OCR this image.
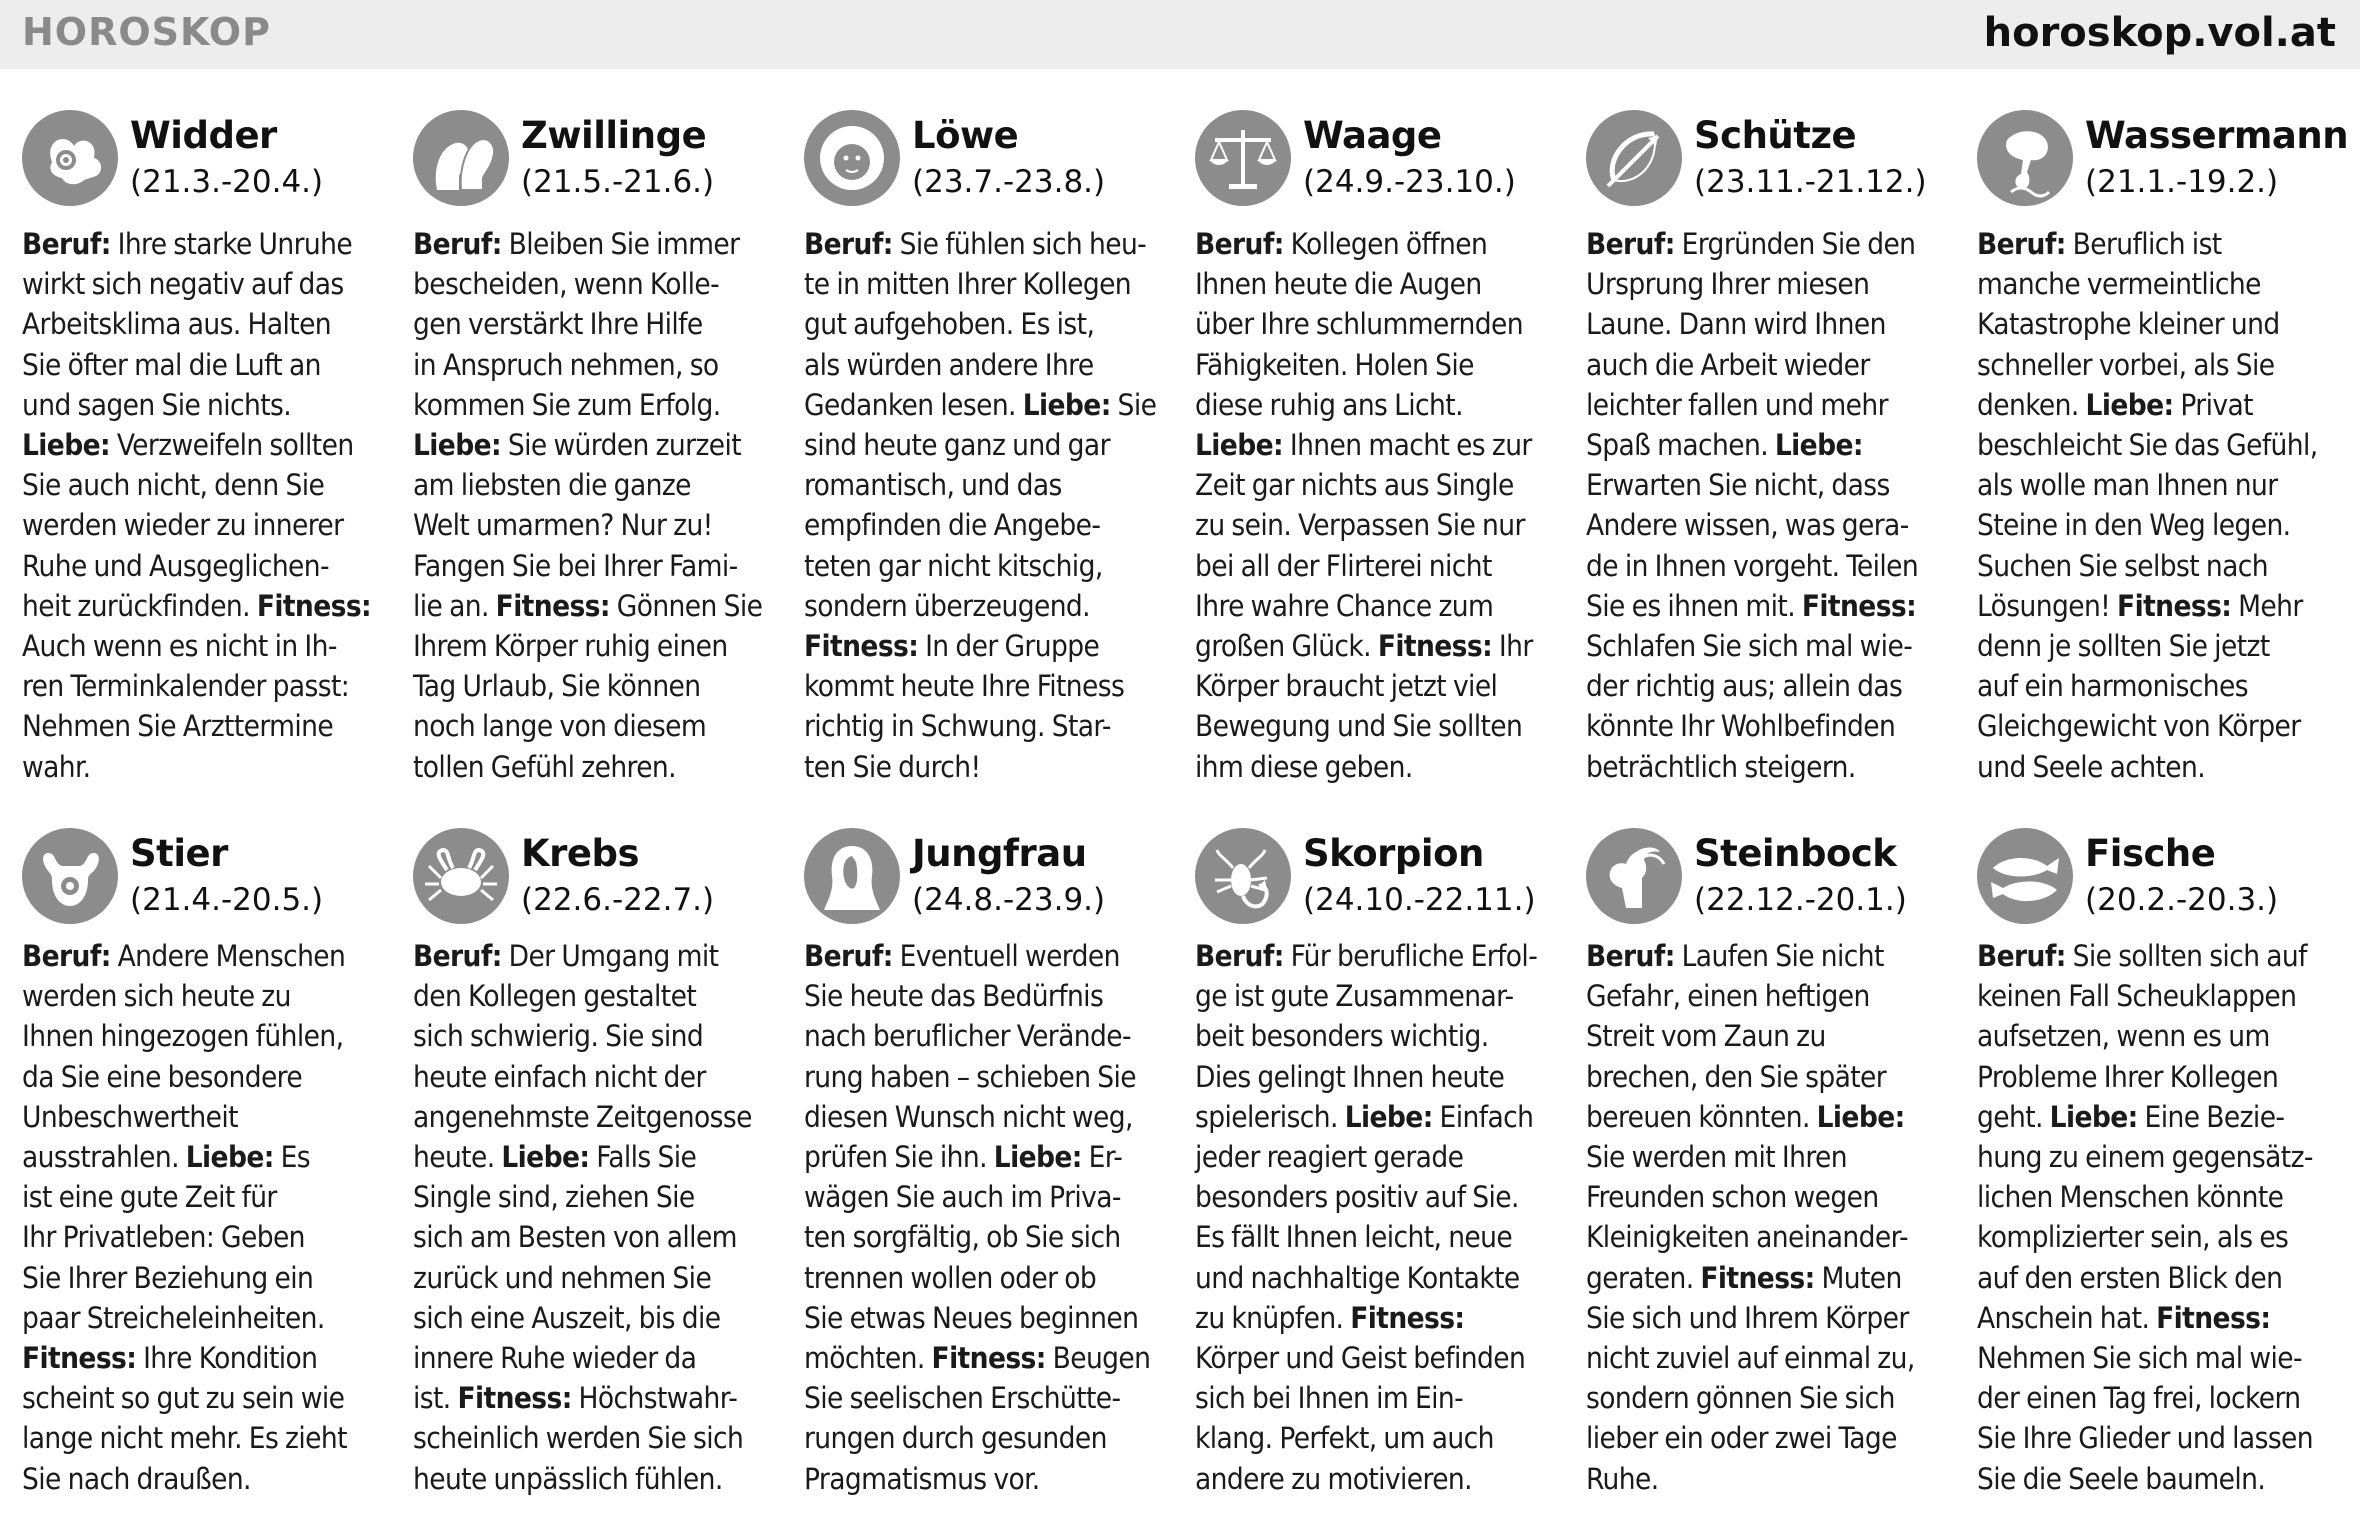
HOROSKOP	horoskop.vol.at
Widder
(21.3.-20.4.)
Beruf: Ihre starke Unruhe
wirkt sich negativ auf das
Arbeitsklima aus. Halten
Sie öfter mal die Luft an
und sagen Sie nichts.
Liebe: Verzweifeln sollten
Sie auch nicht, denn Sie
werden wieder zu innerer
Ruhe und Ausgeglichen-
heit zurückfinden. Fitness:
Auch wenn es nicht in Ih-
ren Terminkalender passt:
Nehmen Sie Arzttermine
wahr.
Zwillinge
(21.5.-21.6.)
Beruf: Bleiben Sie immer
bescheiden, wenn Kolle-
gen verstärkt Ihre Hilfe
in Anspruch nehmen, so
kommen Sie zum Erfolg.
Liebe: Sie würden zurzeit
am liebsten die ganze
Welt umarmen? Nur zu!
Fangen Sie bei Ihrer Fami-
lie an. Fitness: Gönnen Sie
Ihrem Körper ruhig einen
Tag Urlaub, Sie können
noch lange von diesem
tollen Gefühl zehren.
Löwe
(23.7.-23.8.)
Beruf: Sie fühlen sich heu-
te in mitten Ihrer Kollegen
gut aufgehoben. Es ist,
als würden andere Ihre
Gedanken lesen. Liebe: Sie
sind heute ganz und gar
romantisch, und das
empfinden die Angebe-
teten gar nicht kitschig,
sondern überzeugend.
Fitness: In der Gruppe
kommt heute Ihre Fitness
richtig in Schwung. Star-
ten Sie durch!
Waage
(24.9.-23.10.)
Beruf: Kollegen öffnen
Ihnen heute die Augen
über Ihre schlummernden
Fähigkeiten. Holen Sie
diese ruhig ans Licht.
Liebe: Ihnen macht es zur
Zeit gar nichts aus Single
zu sein. Verpassen Sie nur
bei all der Flirterei nicht
Ihre wahre Chance zum
großen Glück. Fitness: Ihr
Körper braucht jetzt viel
Bewegung und Sie sollten
ihm diese geben.
Schütze
(23.11.-21.12.)
Beruf: Ergründen Sie den
Ursprung Ihrer miesen
Laune. Dann wird Ihnen
auch die Arbeit wieder
leichter fallen und mehr
Spaß machen. Liebe:
Erwarten Sie nicht, dass
Andere wissen, was gera-
de in Ihnen vorgeht. Teilen
Sie es ihnen mit. Fitness:
Schlafen Sie sich mal wie-
der richtig aus; allein das
könnte Ihr Wohlbefinden
beträchtlich steigern.
Wassermann
(21.1.-19.2.)
Beruf: Beruflich ist
manche vermeintliche
Katastrophe kleiner und
schneller vorbei, als Sie
denken. Liebe: Privat
beschleicht Sie das Gefühl,
als wolle man Ihnen nur
Steine in den Weg legen.
Suchen Sie selbst nach
Lösungen! Fitness: Mehr
denn je sollten Sie jetzt
auf ein harmonisches
Gleichgewicht von Körper
und Seele achten.
Stier
(21.4.-20.5.)
Beruf: Andere Menschen
werden sich heute zu
Ihnen hingezogen fühlen,
da Sie eine besondere
Unbeschwertheit
ausstrahlen. Liebe: Es
ist eine gute Zeit für
Ihr Privatleben: Geben
Sie Ihrer Beziehung ein
paar Streicheleinheiten.
Fitness: Ihre Kondition
scheint so gut zu sein wie
lange nicht mehr. Es zieht
Sie nach draußen.
Krebs
(22.6.-22.7.)
Beruf: Der Umgang mit
den Kollegen gestaltet
sich schwierig. Sie sind
heute einfach nicht der
angenehmste Zeitgenosse
heute. Liebe: Falls Sie
Single sind, ziehen Sie
sich am Besten von allem
zurück und nehmen Sie
sich eine Auszeit, bis die
innere Ruhe wieder da
ist. Fitness: Höchstwahr-
scheinlich werden Sie sich
heute unpässlich fühlen.
Jungfrau
(24.8.-23.9.)
Beruf: Eventuell werden
Sie heute das Bedürfnis
nach beruflicher Verände-
rung haben – schieben Sie
diesen Wunsch nicht weg,
prüfen Sie ihn. Liebe: Er-
wägen Sie auch im Priva-
ten sorgfältig, ob Sie sich
trennen wollen oder ob
Sie etwas Neues beginnen
möchten. Fitness: Beugen
Sie seelischen Erschütte-
rungen durch gesunden
Pragmatismus vor.
Skorpion
(24.10.-22.11.)
Beruf: Für berufliche Erfol-
ge ist gute Zusammenar-
beit besonders wichtig.
Dies gelingt Ihnen heute
spielerisch. Liebe: Einfach
jeder reagiert gerade
besonders positiv auf Sie.
Es fällt Ihnen leicht, neue
und nachhaltige Kontakte
zu knüpfen. Fitness:
Körper und Geist befinden
sich bei Ihnen im Ein-
klang. Perfekt, um auch
andere zu motivieren.
Steinbock
(22.12.-20.1.)
Beruf: Laufen Sie nicht
Gefahr, einen heftigen
Streit vom Zaun zu
brechen, den Sie später
bereuen könnten. Liebe:
Sie werden mit Ihren
Freunden schon wegen
Kleinigkeiten aneinander-
geraten. Fitness: Muten
Sie sich und Ihrem Körper
nicht zuviel auf einmal zu,
sondern gönnen Sie sich
lieber ein oder zwei Tage
Ruhe.
Fische
(20.2.-20.3.)
Beruf: Sie sollten sich auf
keinen Fall Scheuklappen
aufsetzen, wenn es um
Probleme Ihrer Kollegen
geht. Liebe: Eine Bezie-
hung zu einem gegensätz-
lichen Menschen könnte
komplizierter sein, als es
auf den ersten Blick den
Anschein hat. Fitness:
Nehmen Sie sich mal wie-
der einen Tag frei, lockern
Sie Ihre Glieder und lassen
Sie die Seele baumeln.
